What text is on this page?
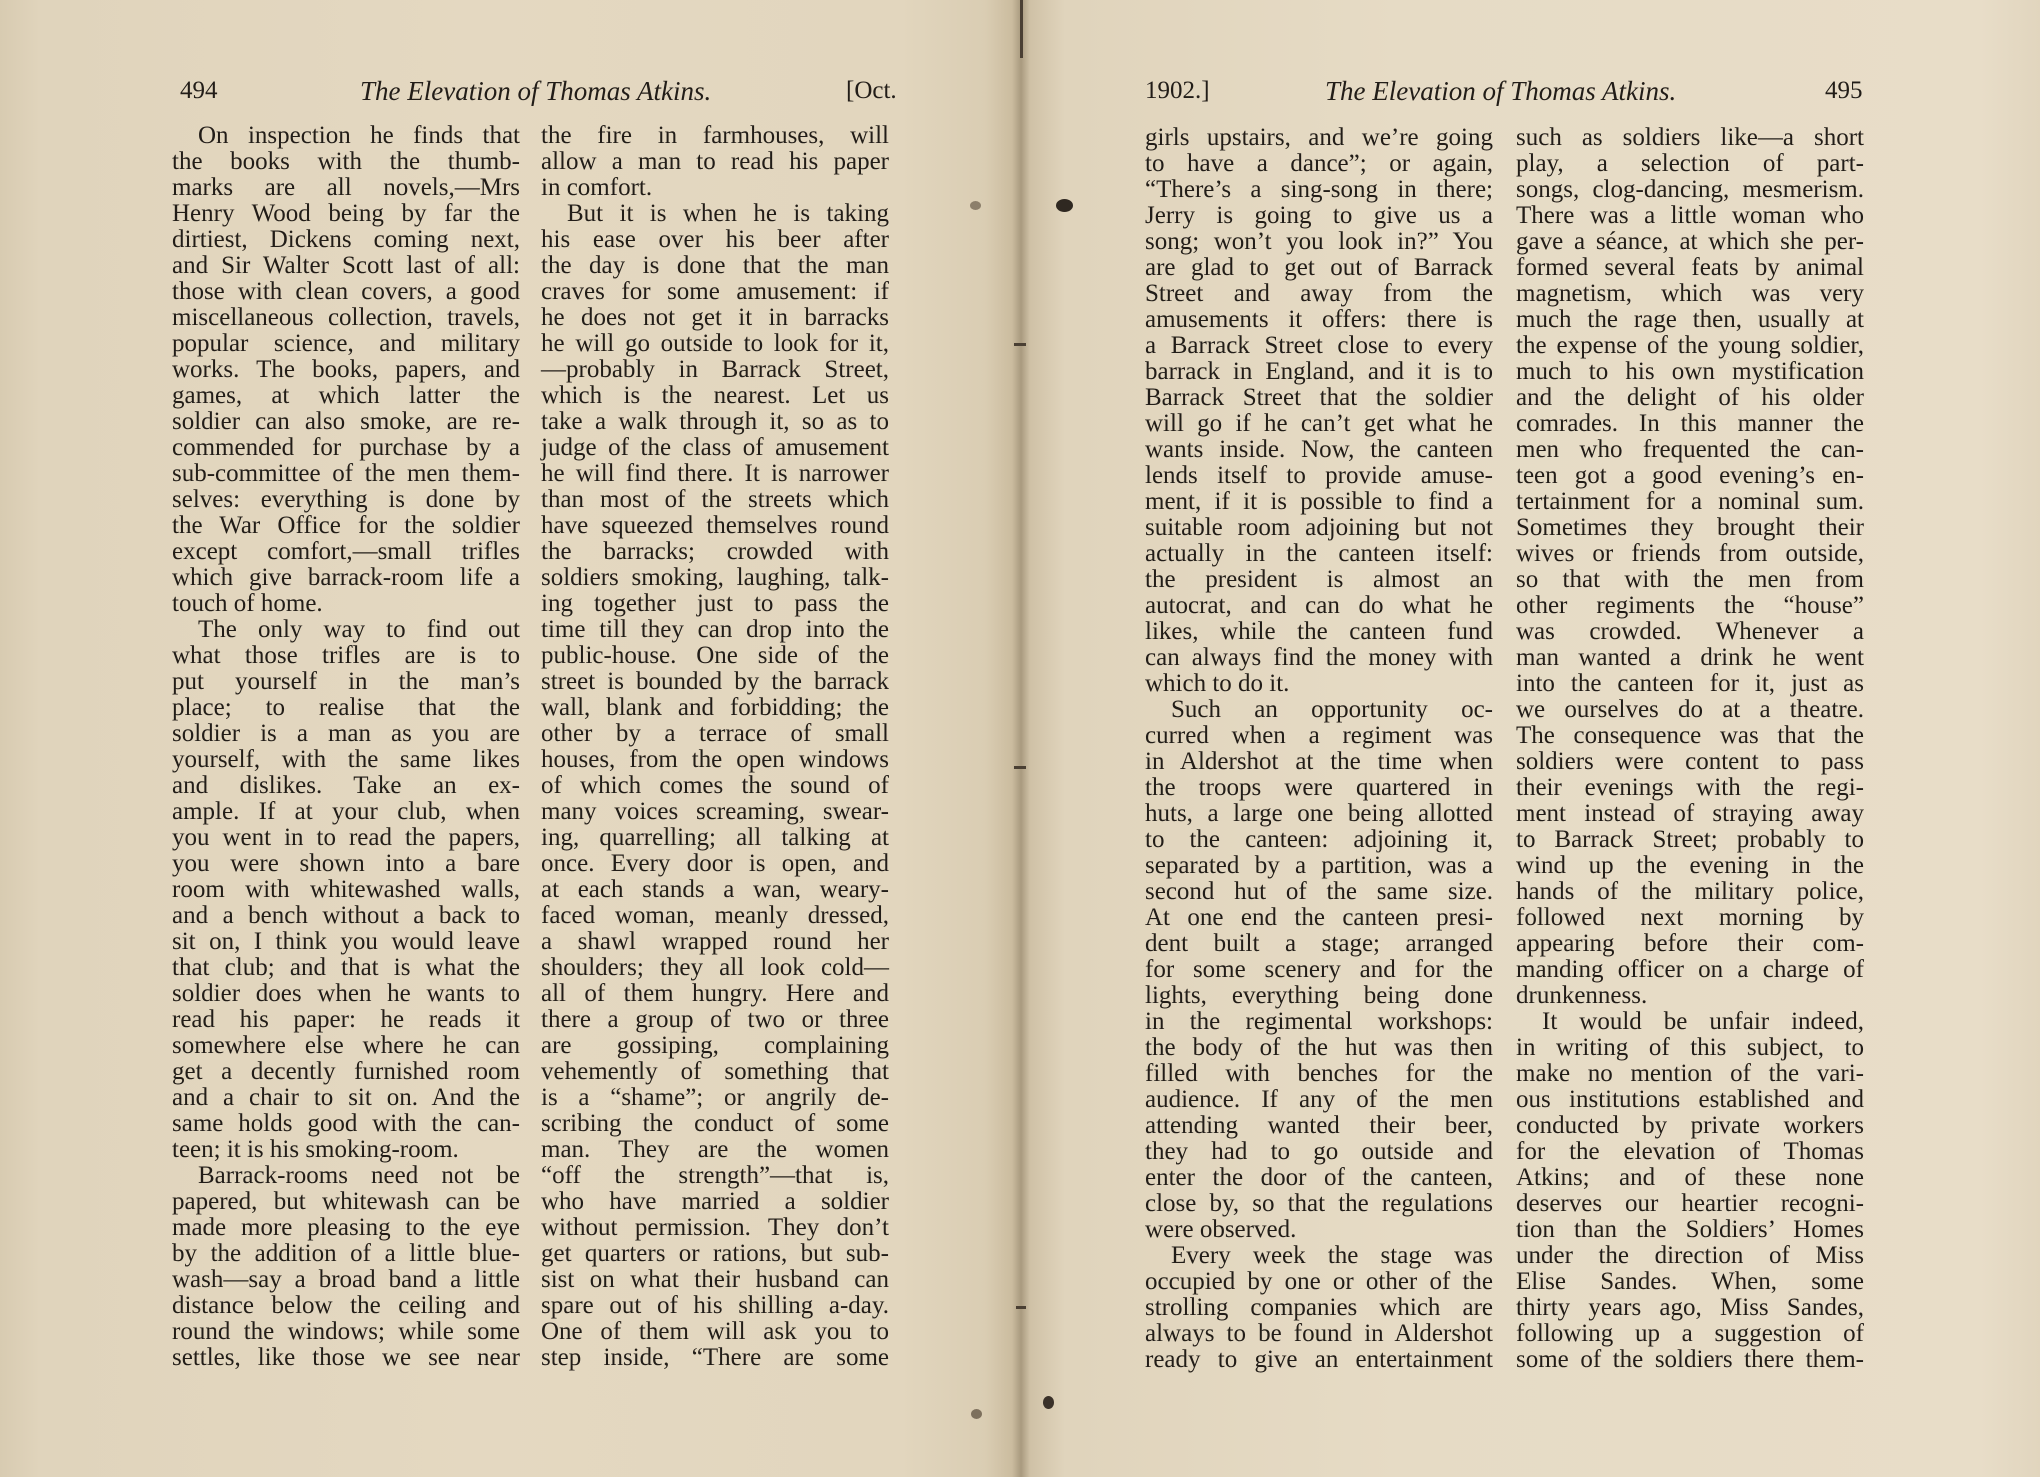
494	The Elevation of Thomas Atkins.	[Oct.
On inspection he finds that
the books with the thumb-
marks are all novels,—Mrs
Henry Wood being by far the
dirtiest, Dickens coming next,
and Sir Walter Scott last of all:
those with clean covers, a good
miscellaneous collection, travels,
popular science, and military
works. The books, papers, and
games, at which latter the
soldier can also smoke, are re-
commended for purchase by a
sub-committee of the men them-
selves: everything is done by
the War Office for the soldier
except comfort,—small trifles
which give barrack-room life a
touch of home.
The only way to find out
what those trifles are is to
put yourself in the man’s
place; to realise that the
soldier is a man as you are
yourself, with the same likes
and dislikes. Take an ex-
ample. If at your club, when
you went in to read the papers,
you were shown into a bare
room with whitewashed walls,
and a bench without a back to
sit on, I think you would leave
that club; and that is what the
soldier does when he wants to
read his paper: he reads it
somewhere else where he can
get a decently furnished room
and a chair to sit on. And the
same holds good with the can-
teen; it is his smoking-room.
Barrack-rooms need not be
papered, but whitewash can be
made more pleasing to the eye
by the addition of a little blue-
wash—say a broad band a little
distance below the ceiling and
round the windows; while some
settles, like those we see near
the fire in farmhouses, will
allow a man to read his paper
in comfort.
But it is when he is taking
his ease over his beer after
the day is done that the man
craves for some amusement: if
he does not get it in barracks
he will go outside to look for it,
—probably in Barrack Street,
which is the nearest. Let us
take a walk through it, so as to
judge of the class of amusement
he will find there. It is narrower
than most of the streets which
have squeezed themselves round
the barracks; crowded with
soldiers smoking, laughing, talk-
ing together just to pass the
time till they can drop into the
public-house. One side of the
street is bounded by the barrack
wall, blank and forbidding; the
other by a terrace of small
houses, from the open windows
of which comes the sound of
many voices screaming, swear-
ing, quarrelling; all talking at
once. Every door is open, and
at each stands a wan, weary-
faced woman, meanly dressed,
a shawl wrapped round her
shoulders; they all look cold—
all of them hungry. Here and
there a group of two or three
are gossiping, complaining
vehemently of something that
is a “shame”; or angrily de-
scribing the conduct of some
man. They are the women
“off the strength”—that is,
who have married a soldier
without permission. They don’t
get quarters or rations, but sub-
sist on what their husband can
spare out of his shilling a-day.
One of them will ask you to
step inside, “There are some
1902.]	The Elevation of Thomas Atkins.	495
girls upstairs, and we’re going
to have a dance”; or again,
“There’s a sing-song in there;
Jerry is going to give us a
song; won’t you look in?” You
are glad to get out of Barrack
Street and away from the
amusements it offers: there is
a Barrack Street close to every
barrack in England, and it is to
Barrack Street that the soldier
will go if he can’t get what he
wants inside. Now, the canteen
lends itself to provide amuse-
ment, if it is possible to find a
suitable room adjoining but not
actually in the canteen itself:
the president is almost an
autocrat, and can do what he
likes, while the canteen fund
can always find the money with
which to do it.
Such an opportunity oc-
curred when a regiment was
in Aldershot at the time when
the troops were quartered in
huts, a large one being allotted
to the canteen: adjoining it,
separated by a partition, was a
second hut of the same size.
At one end the canteen presi-
dent built a stage; arranged
for some scenery and for the
lights, everything being done
in the regimental workshops:
the body of the hut was then
filled with benches for the
audience. If any of the men
attending wanted their beer,
they had to go outside and
enter the door of the canteen,
close by, so that the regulations
were observed.
Every week the stage was
occupied by one or other of the
strolling companies which are
always to be found in Aldershot
ready to give an entertainment
such as soldiers like—a short
play, a selection of part-
songs, clog-dancing, mesmerism.
There was a little woman who
gave a séance, at which she per-
formed several feats by animal
magnetism, which was very
much the rage then, usually at
the expense of the young soldier,
much to his own mystification
and the delight of his older
comrades. In this manner the
men who frequented the can-
teen got a good evening’s en-
tertainment for a nominal sum.
Sometimes they brought their
wives or friends from outside,
so that with the men from
other regiments the “house”
was crowded. Whenever a
man wanted a drink he went
into the canteen for it, just as
we ourselves do at a theatre.
The consequence was that the
soldiers were content to pass
their evenings with the regi-
ment instead of straying away
to Barrack Street; probably to
wind up the evening in the
hands of the military police,
followed next morning by
appearing before their com-
manding officer on a charge of
drunkenness.
It would be unfair indeed,
in writing of this subject, to
make no mention of the vari-
ous institutions established and
conducted by private workers
for the elevation of Thomas
Atkins; and of these none
deserves our heartier recogni-
tion than the Soldiers’ Homes
under the direction of Miss
Elise Sandes. When, some
thirty years ago, Miss Sandes,
following up a suggestion of
some of the soldiers there them-
